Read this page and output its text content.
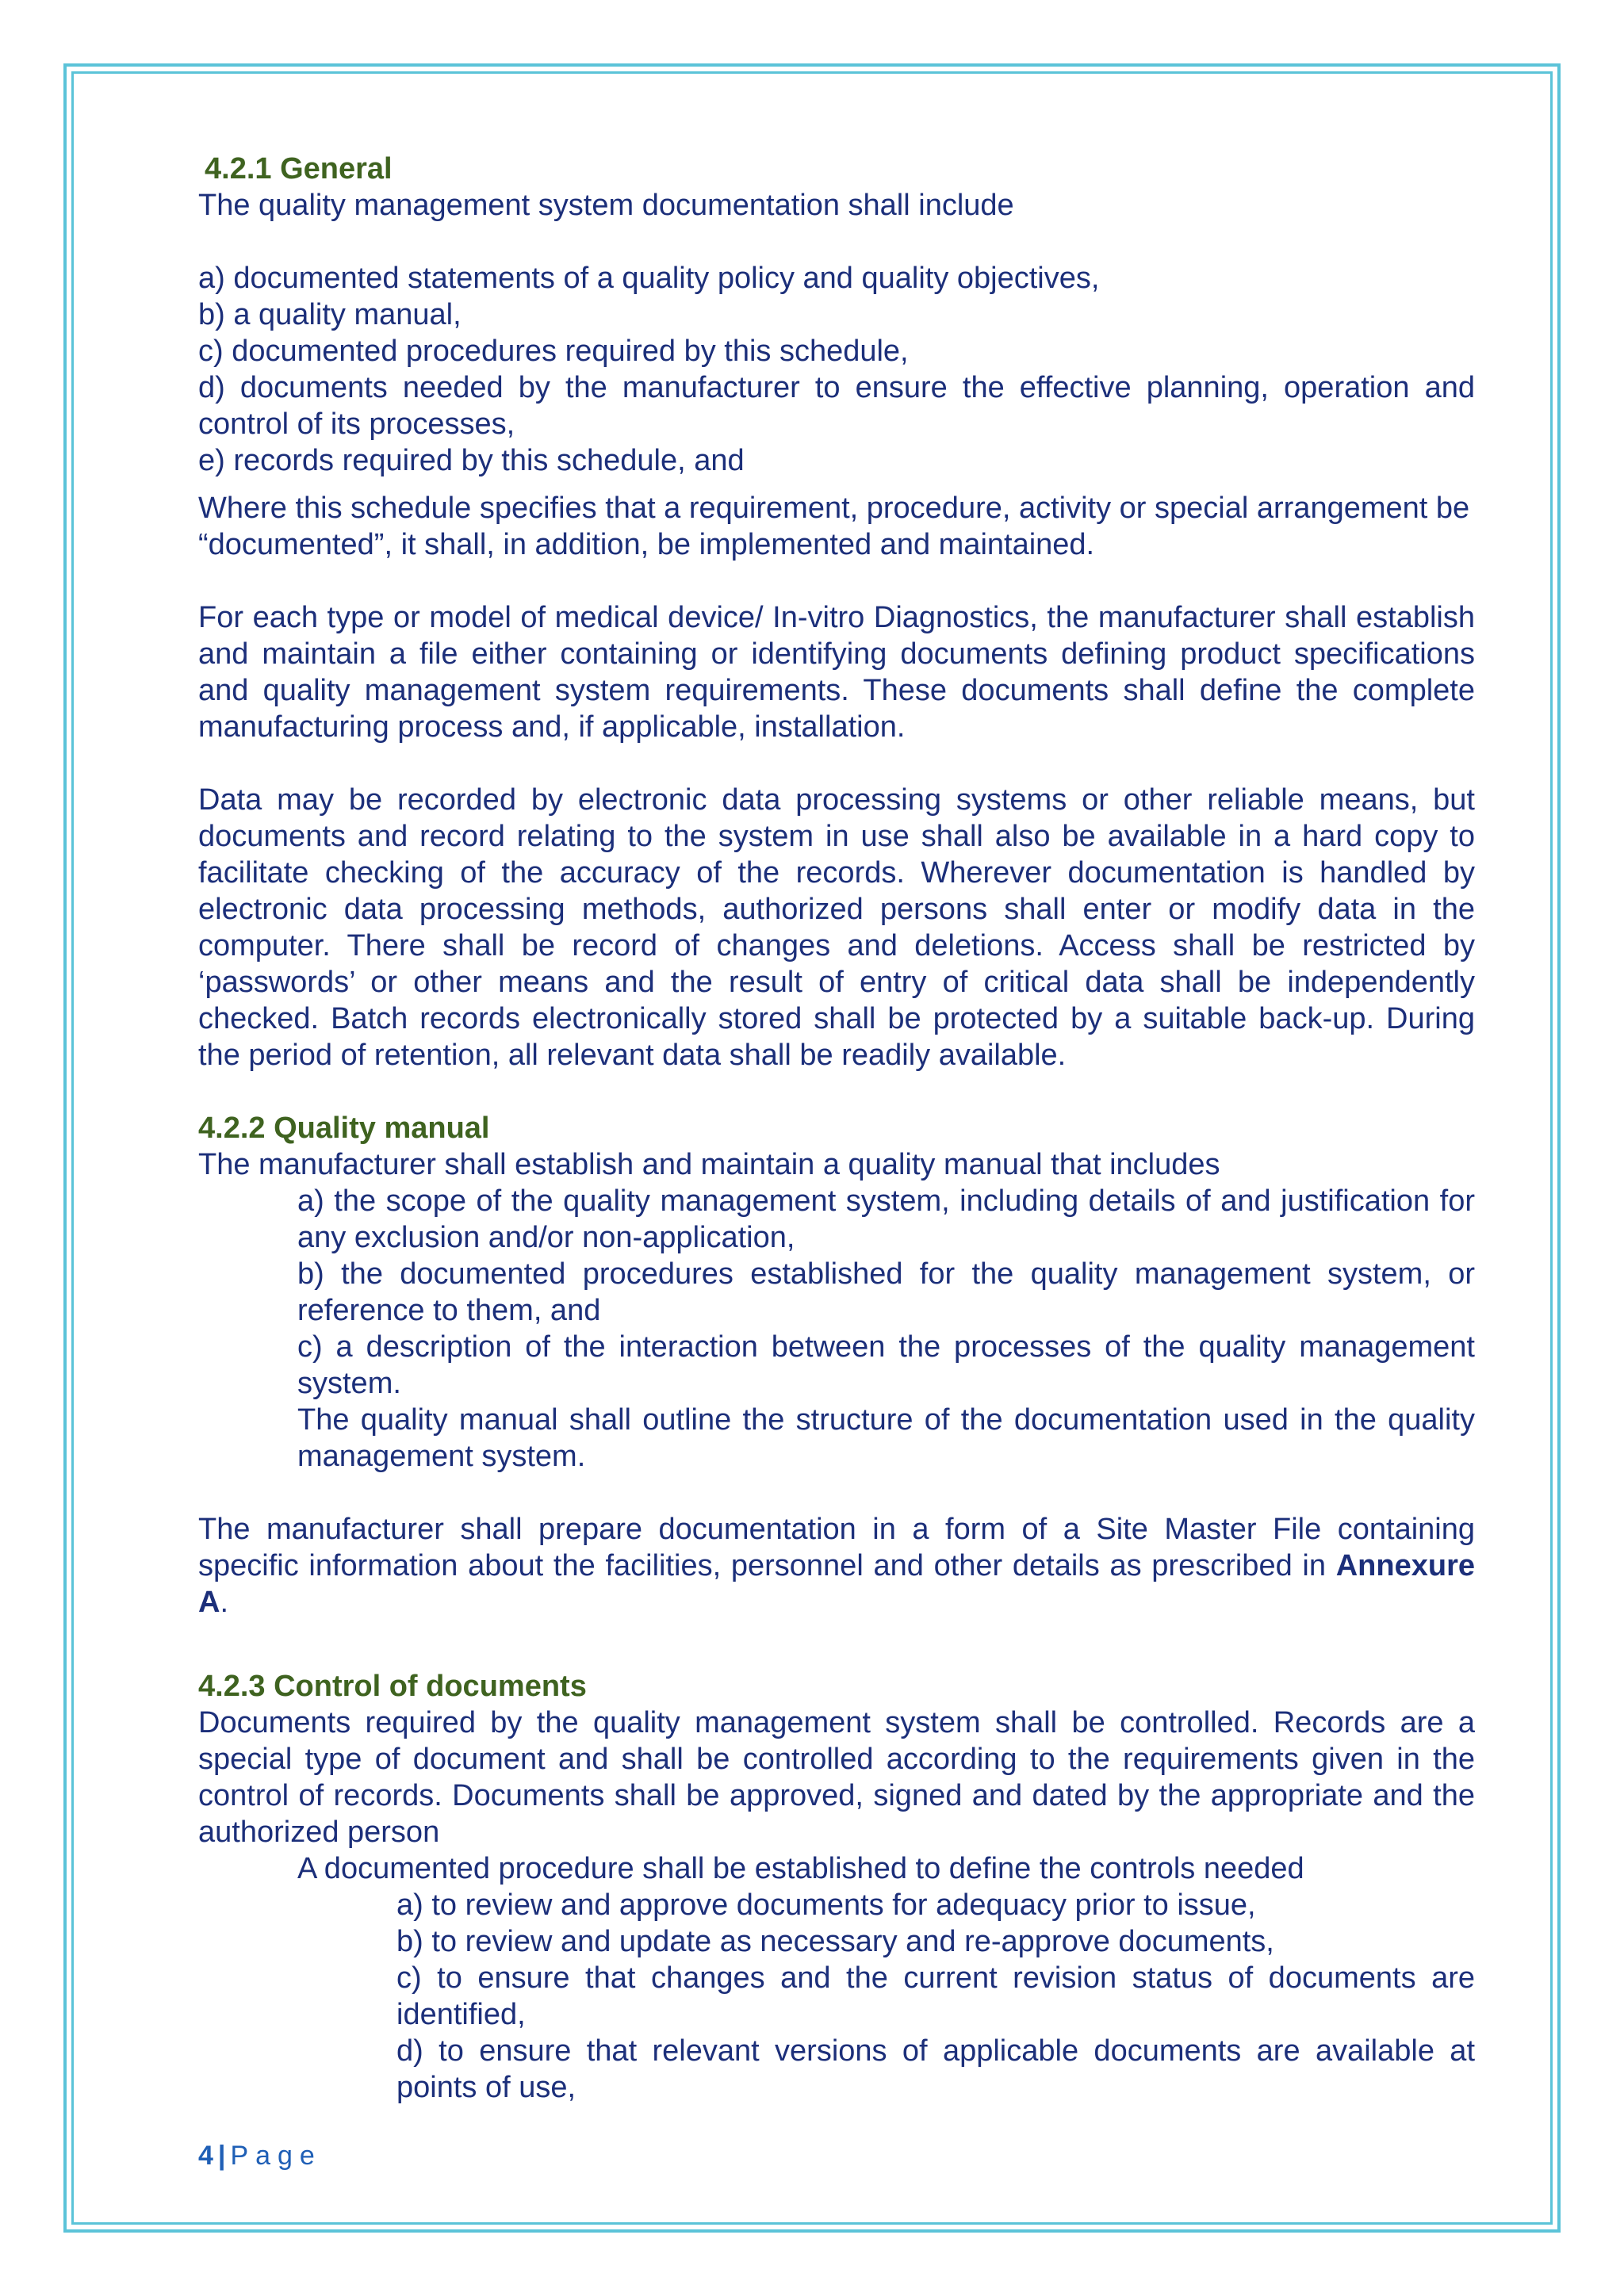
4.2.1 General

The quality management system documentation shall include

a) documented statements of a quality policy and quality objectives,

b) a quality manual,

c) documented procedures required by this schedule,

d) documents needed by the manufacturer to ensure the effective planning, operation and control of its processes,

e) records required by this schedule, and

Where this schedule specifies that a requirement, procedure, activity or special arrangement be
“documented”, it shall, in addition, be implemented and maintained.

For each type or model of medical device/ In-vitro Diagnostics, the manufacturer shall establish and maintain a file either containing or identifying documents defining product specifications and quality management system requirements. These documents shall define the complete manufacturing process and, if applicable, installation.

Data may be recorded by electronic data processing systems or other reliable means, but documents and record relating to the system in use shall also be available in a hard copy to facilitate checking of the accuracy of the records. Wherever documentation is handled by electronic data processing methods, authorized persons shall enter or modify data in the computer. There shall be record of changes and deletions. Access shall be restricted by ‘passwords’ or other means and the result of entry of critical data shall be independently checked. Batch records electronically stored shall be protected by a suitable back-up. During the period of retention, all relevant data shall be readily available.

4.2.2 Quality manual

The manufacturer shall establish and maintain a quality manual that includes

a) the scope of the quality management system, including details of and justification for any exclusion and/or non-application,

b) the documented procedures established for the quality management system, or reference to them, and

c) a description of the interaction between the processes of the quality management system.

The quality manual shall outline the structure of the documentation used in the quality management system.

The manufacturer shall prepare documentation in a form of a Site Master File containing specific information about the facilities, personnel and other details as prescribed in Annexure A.

4.2.3 Control of documents

Documents required by the quality management system shall be controlled. Records are a special type of document and shall be controlled according to the requirements given in the control of records. Documents shall be approved, signed and dated by the appropriate and the authorized person

A documented procedure shall be established to define the controls needed

a) to review and approve documents for adequacy prior to issue,

b) to review and update as necessary and re-approve documents,

c) to ensure that changes and the current revision status of documents are identified,

d) to ensure that relevant versions of applicable documents are available at points of use,

4 | Page
